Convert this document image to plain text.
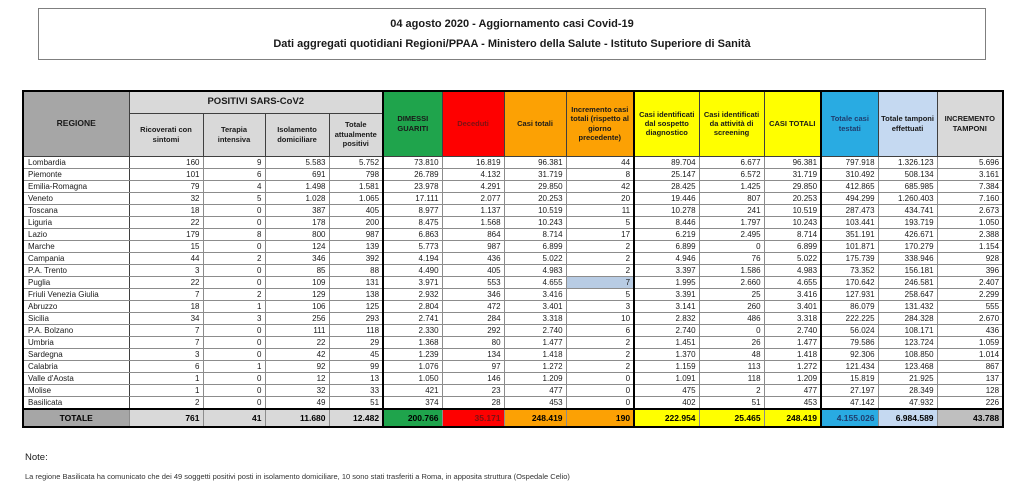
04 agosto 2020 - Aggiornamento casi Covid-19
Dati aggregati quotidiani Regioni/PPAA - Ministero della Salute - Istituto Superiore di Sanità
REGIONE	POSITIVI SARS-CoV2				DIMESSI GUARITI	Deceduti	Casi totali	Incremento casi totali (rispetto al giorno precedente)	Casi identificati dal sospetto diagnostico	Casi identificati da attività di screening	CASI TOTALI	Totale casi testati	Totale tamponi effettuati	INCREMENTO TAMPONI
	Ricoverati con sintomi	Terapia intensiva	Isolamento domiciliare	Totale attualmente positivi										
Lombardia	160	9	5.583	5.752	73.810	16.819	96.381	44	89.704	6.677	96.381	797.918	1.326.123	5.696
Piemonte	101	6	691	798	26.789	4.132	31.719	8	25.147	6.572	31.719	310.492	508.134	3.161
Emilia-Romagna	79	4	1.498	1.581	23.978	4.291	29.850	42	28.425	1.425	29.850	412.865	685.985	7.384
Veneto	32	5	1.028	1.065	17.111	2.077	20.253	20	19.446	807	20.253	494.299	1.260.403	7.160
Toscana	18	0	387	405	8.977	1.137	10.519	11	10.278	241	10.519	287.473	434.741	2.673
Liguria	22	0	178	200	8.475	1.568	10.243	5	8.446	1.797	10.243	103.441	193.719	1.050
Lazio	179	8	800	987	6.863	864	8.714	17	6.219	2.495	8.714	351.191	426.671	2.388
Marche	15	0	124	139	5.773	987	6.899	2	6.899	0	6.899	101.871	170.279	1.154
Campania	44	2	346	392	4.194	436	5.022	2	4.946	76	5.022	175.739	338.946	928
P.A. Trento	3	0	85	88	4.490	405	4.983	2	3.397	1.586	4.983	73.352	156.181	396
Puglia	22	0	109	131	3.971	553	4.655	7	1.995	2.660	4.655	170.642	246.581	2.407
Friuli Venezia Giulia	7	2	129	138	2.932	346	3.416	5	3.391	25	3.416	127.931	258.647	2.299
Abruzzo	18	1	106	125	2.804	472	3.401	3	3.141	260	3.401	86.079	131.432	555
Sicilia	34	3	256	293	2.741	284	3.318	10	2.832	486	3.318	222.225	284.328	2.670
P.A. Bolzano	7	0	111	118	2.330	292	2.740	6	2.740	0	2.740	56.024	108.171	436
Umbria	7	0	22	29	1.368	80	1.477	2	1.451	26	1.477	79.586	123.724	1.059
Sardegna	3	0	42	45	1.239	134	1.418	2	1.370	48	1.418	92.306	108.850	1.014
Calabria	6	1	92	99	1.076	97	1.272	2	1.159	113	1.272	121.434	123.468	867
Valle d'Aosta	1	0	12	13	1.050	146	1.209	0	1.091	118	1.209	15.819	21.925	137
Molise	1	0	32	33	421	23	477	0	475	2	477	27.197	28.349	128
Basilicata	2	0	49	51	374	28	453	0	402	51	453	47.142	47.932	226
TOTALE	761	41	11.680	12.482	200.766	35.171	248.419	190	222.954	25.465	248.419	4.155.026	6.984.589	43.788
Note:
La regione Basilicata ha comunicato che dei 49 soggetti positivi posti in isolamento domiciliare, 10 sono stati trasferiti a Roma, in apposita struttura (Ospedale Celio)
